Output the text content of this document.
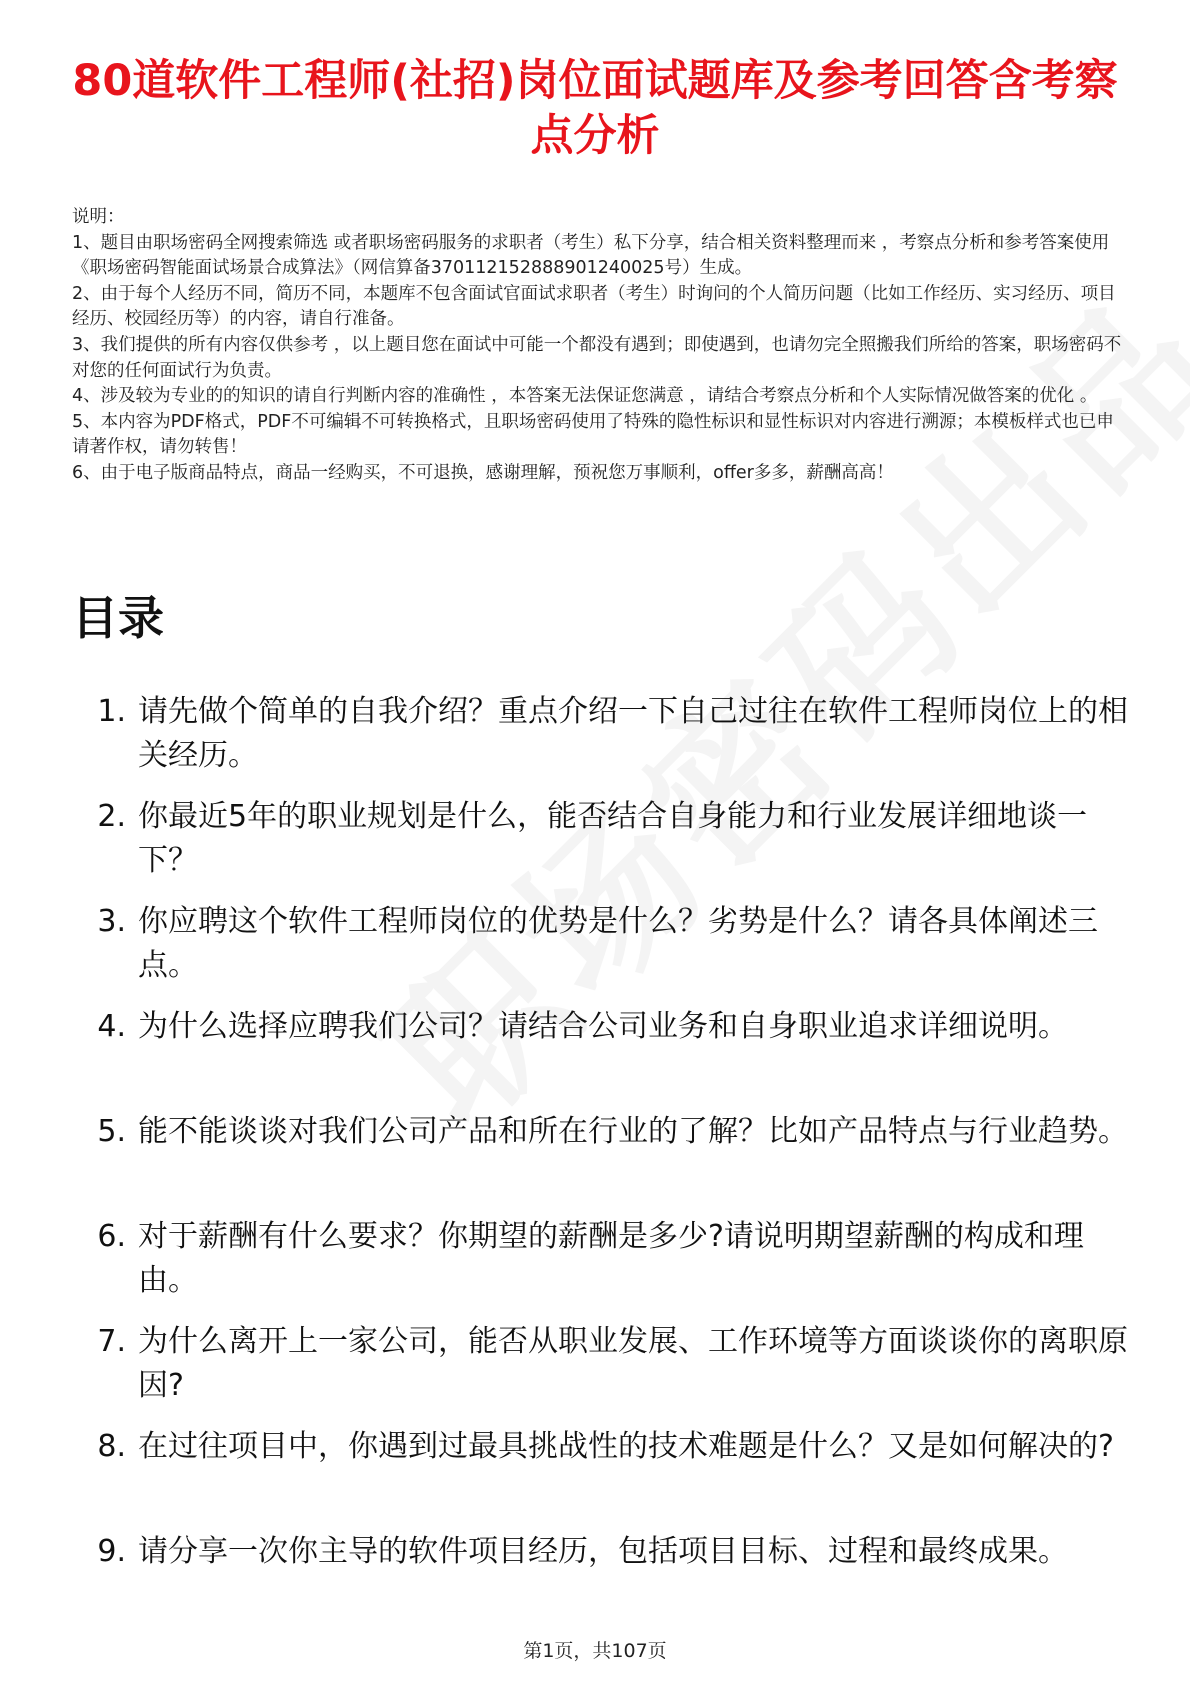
80道软件工程师(社招)岗位面试题库及参考回答含考察点分析
说明：
1、题目由职场密码全网搜索筛选 或者职场密码服务的求职者（考生）私下分享，结合相关资料整理而来 ，考察点分析和参考答案使用《职场密码智能面试场景合成算法》（网信算备370112152888901240025号）生成。
2、由于每个人经历不同，简历不同，本题库不包含面试官面试求职者（考生）时询问的个人简历问题（比如工作经历、实习经历、项目经历、校园经历等）的内容，请自行准备。
3、我们提供的所有内容仅供参考 ，以上题目您在面试中可能一个都没有遇到；即使遇到，也请勿完全照搬我们所给的答案，职场密码不对您的任何面试行为负责。
4、涉及较为专业的的知识的请自行判断内容的准确性 ，本答案无法保证您满意 ，请结合考察点分析和个人实际情况做答案的优化 。
5、本内容为PDF格式，PDF不可编辑不可转换格式，且职场密码使用了特殊的隐性标识和显性标识对内容进行溯源；本模板样式也已申请著作权，请勿转售！
6、由于电子版商品特点，商品一经购买，不可退换，感谢理解，预祝您万事顺利，offer多多，薪酬高高！
目录
1. 请先做个简单的自我介绍？重点介绍一下自己过往在软件工程师岗位上的相关经历。
2. 你最近5年的职业规划是什么，能否结合自身能力和行业发展详细地谈一下？
3. 你应聘这个软件工程师岗位的优势是什么？劣势是什么？请各具体阐述三点。
4. 为什么选择应聘我们公司？请结合公司业务和自身职业追求详细说明。
5. 能不能谈谈对我们公司产品和所在行业的了解？比如产品特点与行业趋势。
6. 对于薪酬有什么要求？你期望的薪酬是多少?请说明期望薪酬的构成和理由。
7. 为什么离开上一家公司，能否从职业发展、工作环境等方面谈谈你的离职原因?
8. 在过往项目中，你遇到过最具挑战性的技术难题是什么？又是如何解决的?
9. 请分享一次你主导的软件项目经历，包括项目目标、过程和最终成果。
第1页，共107页
